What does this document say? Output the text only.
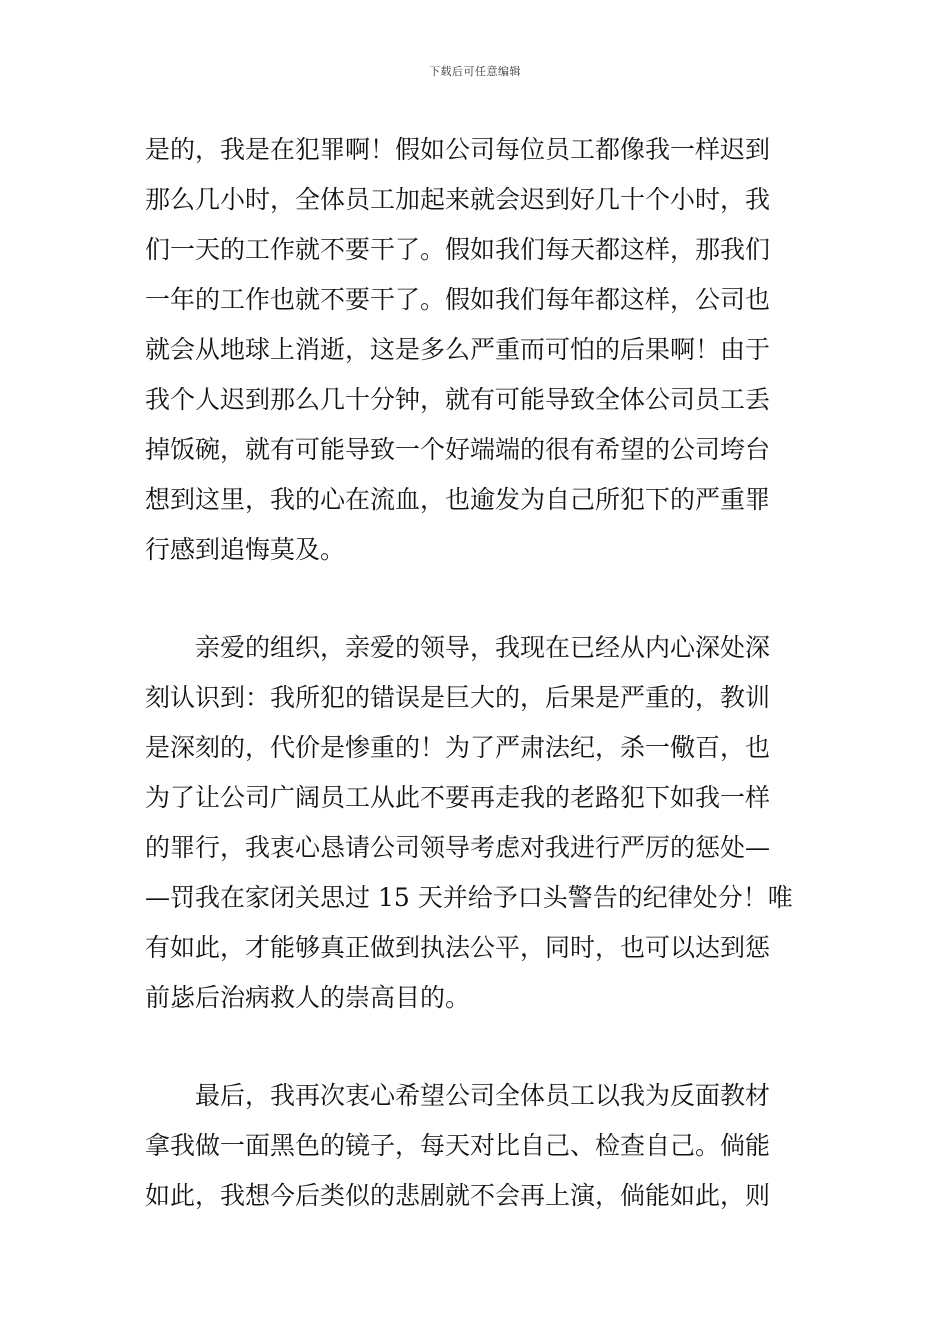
下载后可任意编辑
是的，我是在犯罪啊！假如公司每位员工都像我一样迟到
那么几小时，全体员工加起来就会迟到好几十个小时，我
们一天的工作就不要干了。假如我们每天都这样，那我们
一年的工作也就不要干了。假如我们每年都这样，公司也
就会从地球上消逝，这是多么严重而可怕的后果啊！由于
我个人迟到那么几十分钟，就有可能导致全体公司员工丢
掉饭碗，就有可能导致一个好端端的很有希望的公司垮台
想到这里，我的心在流血，也逾发为自己所犯下的严重罪
行感到追悔莫及。
亲爱的组织，亲爱的领导，我现在已经从内心深处深
刻认识到：我所犯的错误是巨大的，后果是严重的，教训
是深刻的，代价是惨重的！为了严肃法纪，杀一儆百，也
为了让公司广阔员工从此不要再走我的老路犯下如我一样
的罪行，我衷心恳请公司领导考虑对我进行严厉的惩处—
—罚我在家闭关思过 15 天并给予口头警告的纪律处分！唯
有如此，才能够真正做到执法公平，同时，也可以达到惩
前毖后治病救人的崇高目的。
最后，我再次衷心希望公司全体员工以我为反面教材
拿我做一面黑色的镜子，每天对比自己、检查自己。倘能
如此，我想今后类似的悲剧就不会再上演，倘能如此，则
